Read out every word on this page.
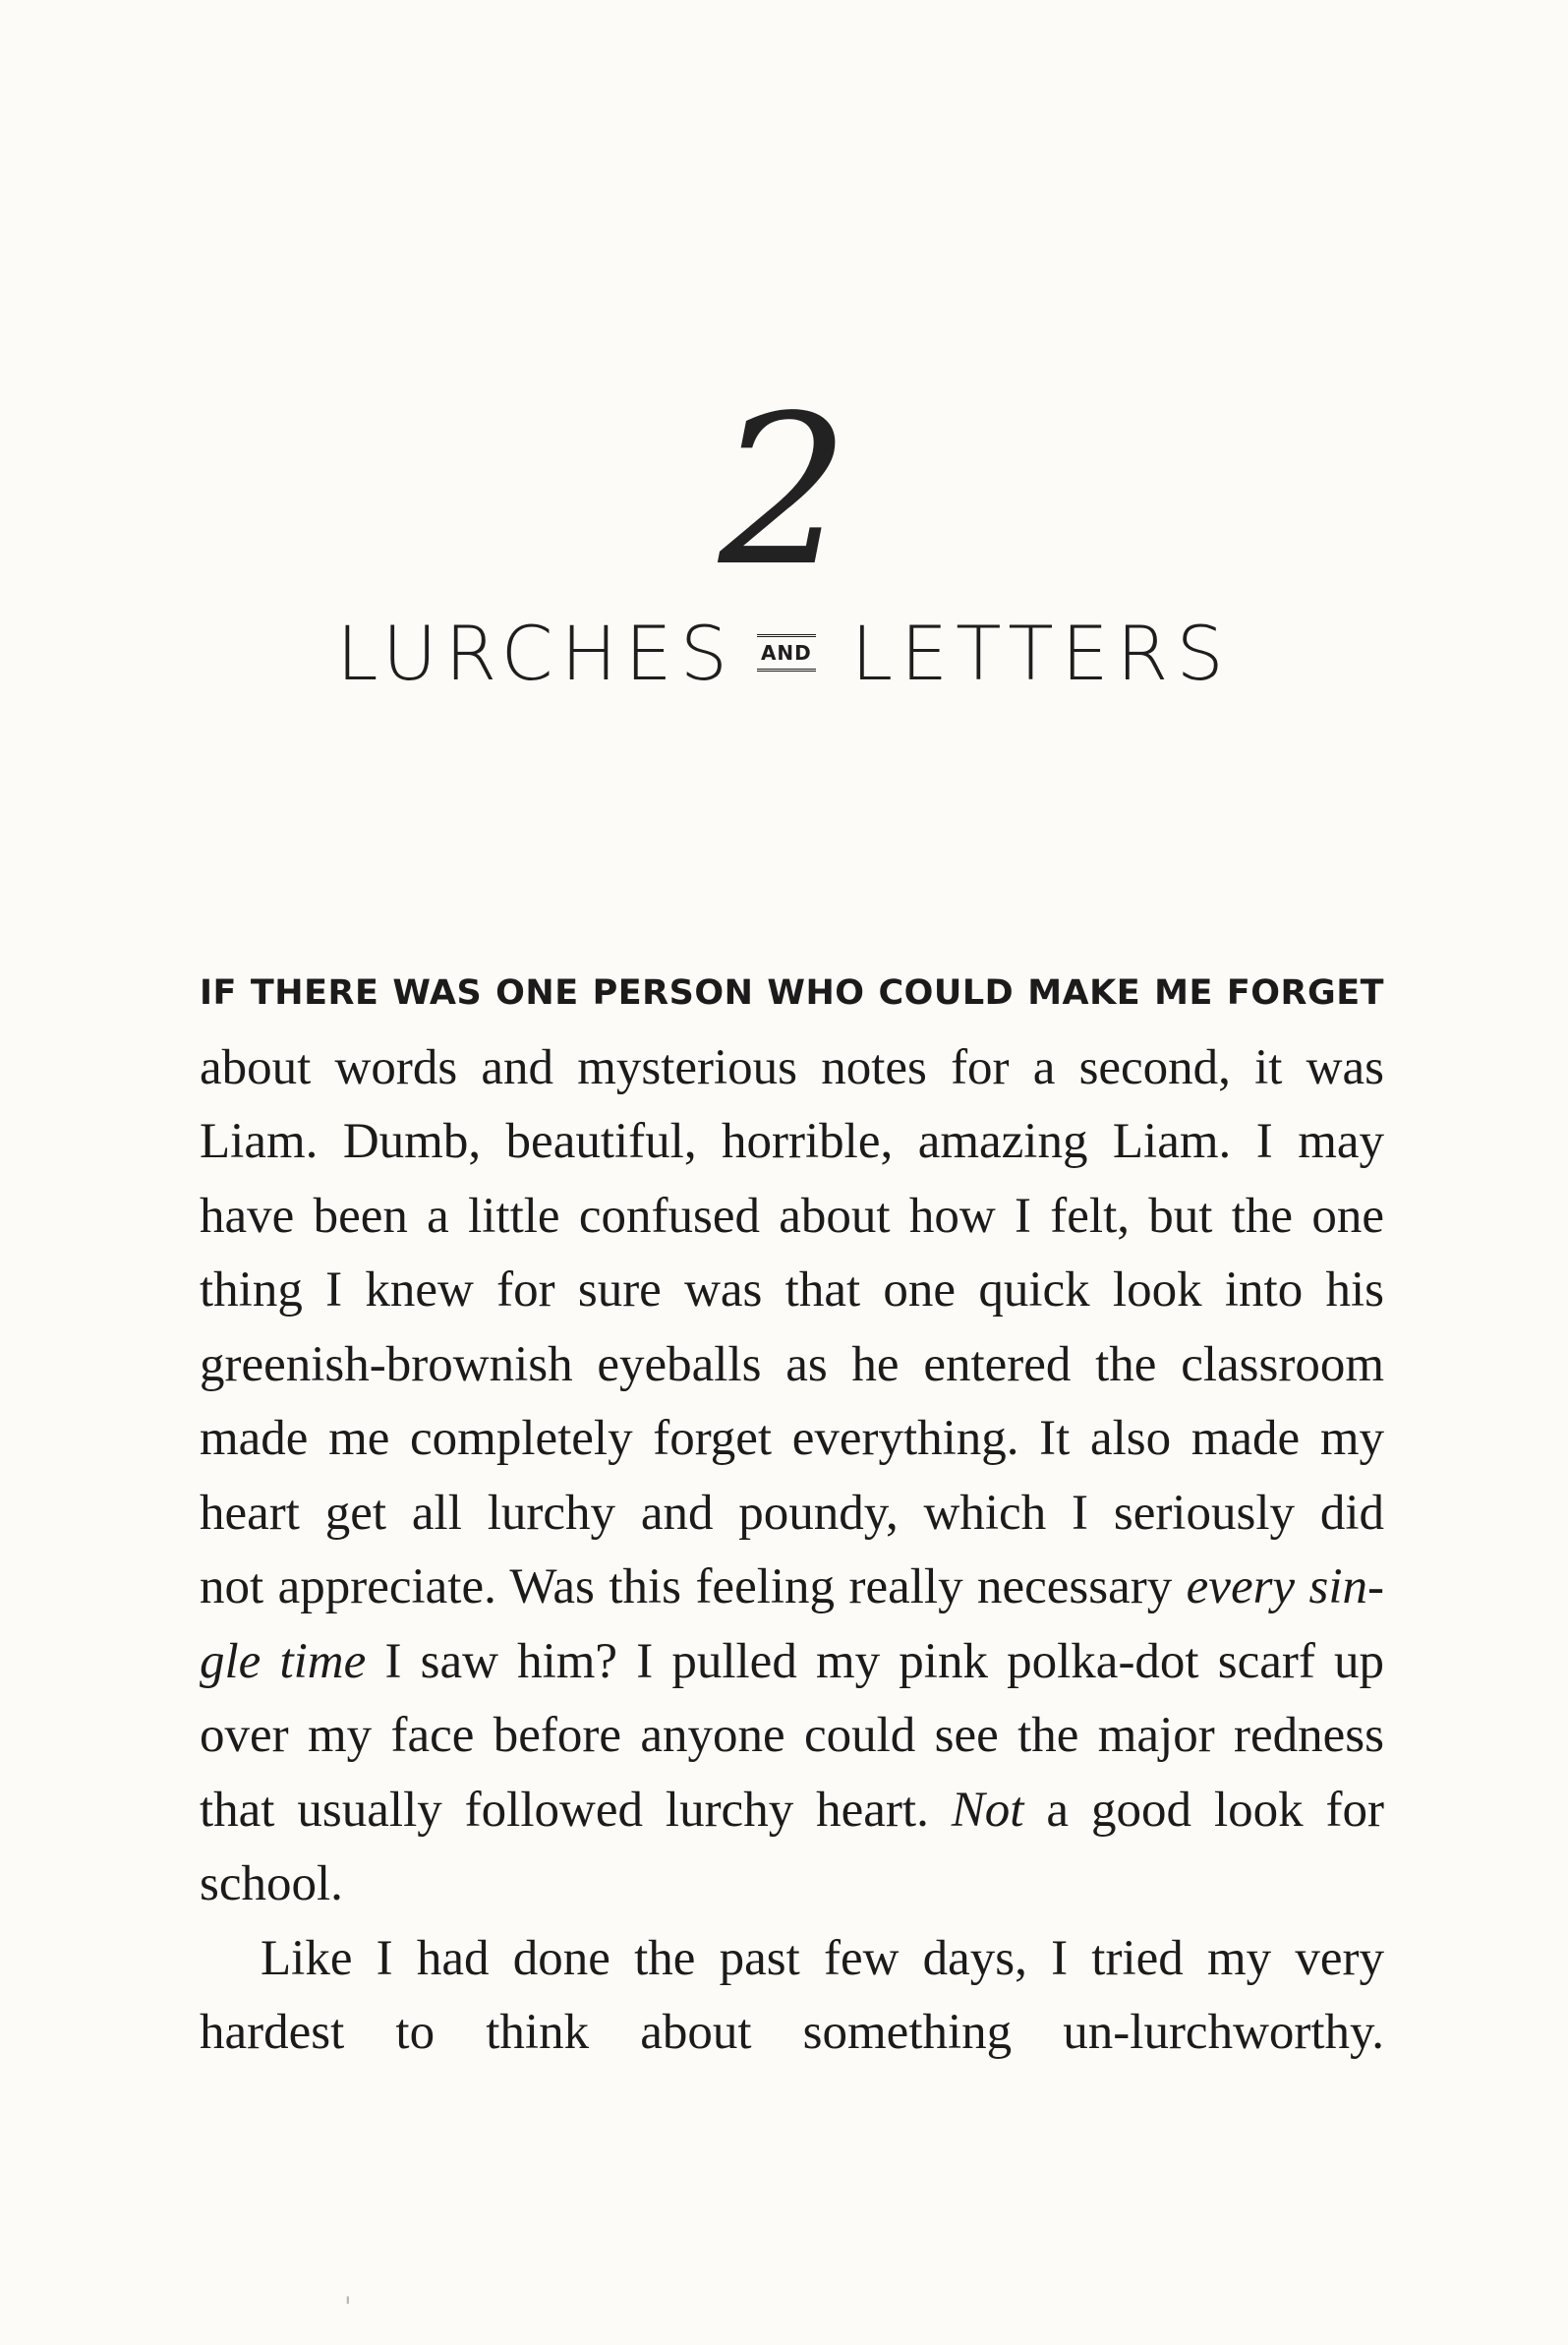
2
LURCHES AND LETTERS
IF THERE WAS ONE PERSON WHO COULD MAKE ME FORGET
about words and mysterious notes for a second, it was
Liam. Dumb, beautiful, horrible, amazing Liam. I may
have been a little confused about how I felt, but the one
thing I knew for sure was that one quick look into his
greenish-brownish eyeballs as he entered the classroom
made me completely forget everything. It also made my
heart get all lurchy and poundy, which I seriously did
not appreciate. Was this feeling really necessary every sin-
gle time I saw him? I pulled my pink polka-dot scarf up
over my face before anyone could see the major redness
that usually followed lurchy heart. Not a good look for
school.
Like I had done the past few days, I tried my very
hardest to think about something un-lurchworthy.
'
